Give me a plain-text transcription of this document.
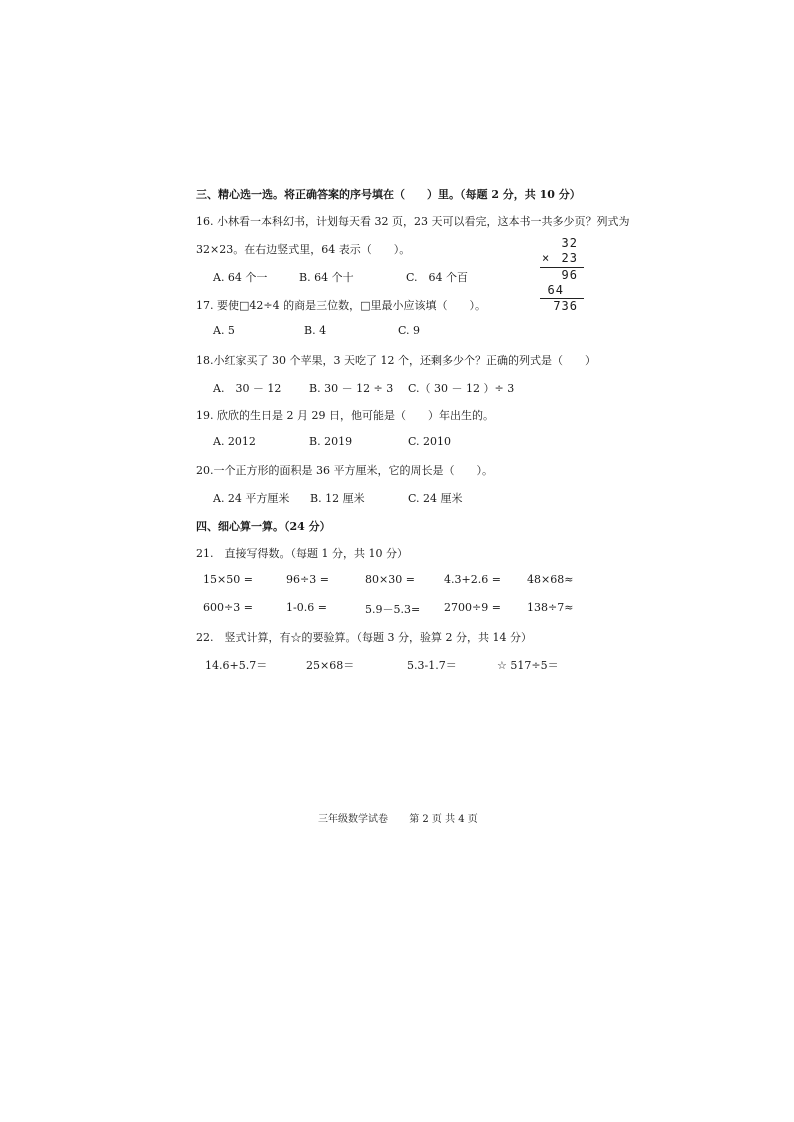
三、精心选一选。将正确答案的序号填在（　　）里。（每题 2 分，共 10 分）
16. 小林看一本科幻书，计划每天看 32 页，23 天可以看完，这本书一共多少页？列式为
32×23。在右边竖式里，64 表示（　　）。
A. 64 个一	B. 64 个十	C.　64 个百
32
× 23
96
64
736
17. 要使□42÷4 的商是三位数，□里最小应该填（　　）。
A. 5	B. 4	C. 9
18.小红家买了 30 个苹果，3 天吃了 12 个，还剩多少个？正确的列式是（　　）
A.　30 － 12	B. 30 － 12 ÷ 3 C.（ 30 － 12 ）÷ 3
19. 欣欣的生日是 2 月 29 日，他可能是（　　）年出生的。
A. 2012	B. 2019	C. 2010
20.一个正方形的面积是 36 平方厘米，它的周长是（　　）。
A. 24 平方厘米 B. 12 厘米	C. 24 厘米
四、细心算一算。（24 分）
21.　直接写得数。（每题 1 分，共 10 分）
15×50 =	96÷3 =	80×30 =	4.3+2.6 = 48×68≈
600÷3 =	1-0.6 =	5.9－5.3= 2700÷9 = 138÷7≈
22.　竖式计算，有☆的要验算。（每题 3 分，验算 2 分，共 14 分）
14.6+5.7＝	25×68＝	5.3-1.7＝	☆ 517÷5＝
三年级数学试卷 第 2 页 共 4 页
